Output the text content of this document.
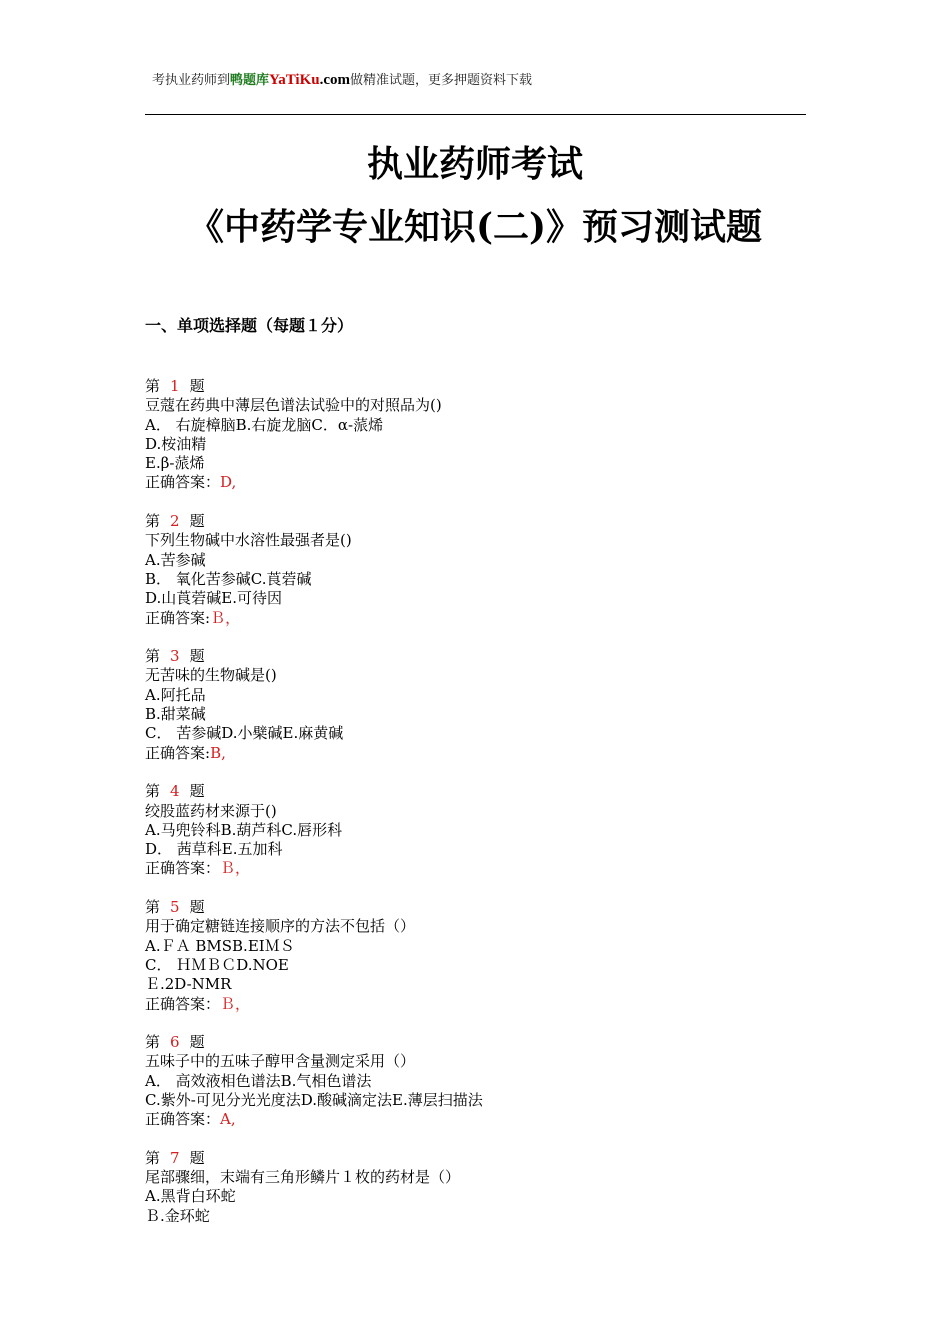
考执业药师到鸭题库YaTiKu.com做精准试题，更多押题资料下载
执业药师考试
《中药学专业知识(二)》预习测试题
一、单项选择题（每题１分）
第 1 题
豆蔻在药典中薄层色谱法试验中的对照品为()
A． 右旋樟脑​B.右旋龙脑​C．α-蒎烯
D.桉油精
E.β-蒎烯
正确答案：D,
第 2 题
下列生物碱中水溶性最强者是()
A.苦参碱
B． 氧化苦参碱​C.莨菪碱
D.山莨菪碱​E.可待因
正确答案:Ｂ，
第 3 题
无苦味的生物碱是()
A.阿托品
B.甜菜碱
C． 苦参碱​D.小檗碱​E.麻黄碱
正确答案:B,
第 4 题
绞股蓝药材来源于()
A.马兜铃科​B.葫芦科​C.唇形科
D． 茜草科​E.五加科
正确答案：Ｂ，
第 5 题
用于确定糖链连接顺序的方法不包括（）
A.ＦＡ BMS​B.EIＭＳ
C． ＨＭＢＣ​D.NOE
Ｅ.2D-NMR
正确答案：Ｂ，
第 6 题
五味子中的五味子醇甲含量测定采用（）
A． 高效液相色谱法​B.气相色谱法
C.紫外-可见分光光度法​D.酸碱滴定法​E.薄层扫描法
正确答案：A,
第 7 题
尾部骤细，末端有三角形鳞片１枚的药材是（）
A.黑背白环蛇
Ｂ.金环蛇
